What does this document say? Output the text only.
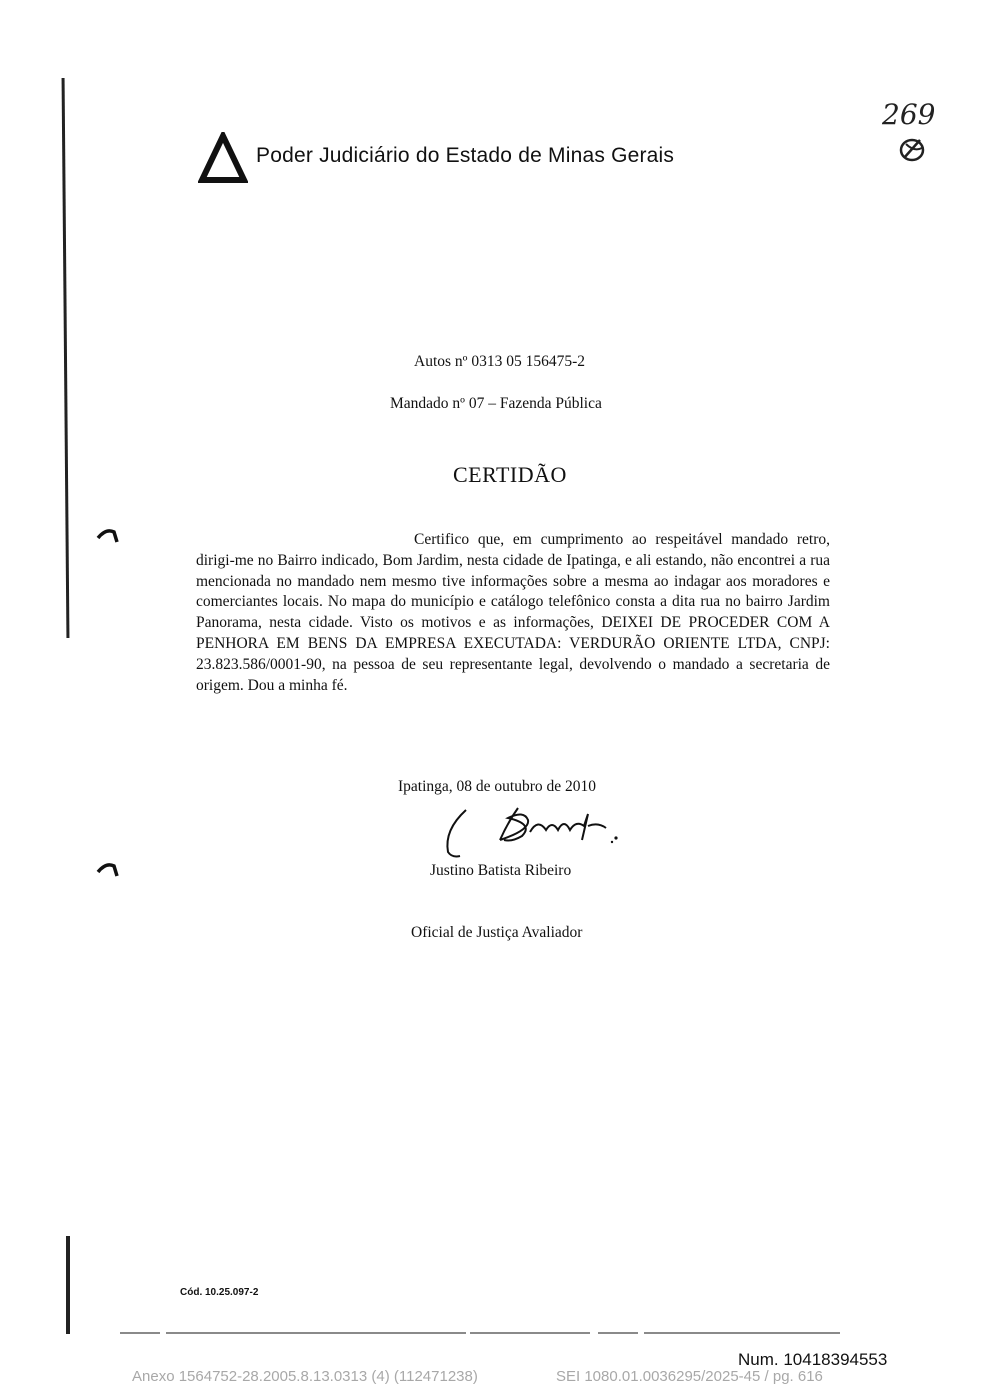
Poder Judiciário do Estado de Minas Gerais
269
Autos nº 0313 05 156475-2
Mandado nº 07 – Fazenda Pública
CERTIDÃO
Certifico que, em cumprimento ao respeitável mandado retro, dirigi-me no Bairro indicado, Bom Jardim, nesta cidade de Ipatinga, e ali estando, não encontrei a rua mencionada no mandado nem mesmo tive informações sobre a mesma ao indagar aos moradores e comerciantes locais. No mapa do município e catálogo telefônico consta a dita rua no bairro Jardim Panorama, nesta cidade. Visto os motivos e as informações, DEIXEI DE PROCEDER COM A PENHORA EM BENS DA EMPRESA EXECUTADA: VERDURÃO ORIENTE LTDA, CNPJ: 23.823.586/0001-90, na pessoa de seu representante legal, devolvendo o mandado a secretaria de origem. Dou a minha fé.
Ipatinga, 08 de outubro de 2010
Justino Batista Ribeiro
Oficial de Justiça Avaliador
Cód. 10.25.097-2
Num. 10418394553
Anexo 1564752-28.2005.8.13.0313 (4) (112471238)	SEI 1080.01.0036295/2025-45 / pg. 616
